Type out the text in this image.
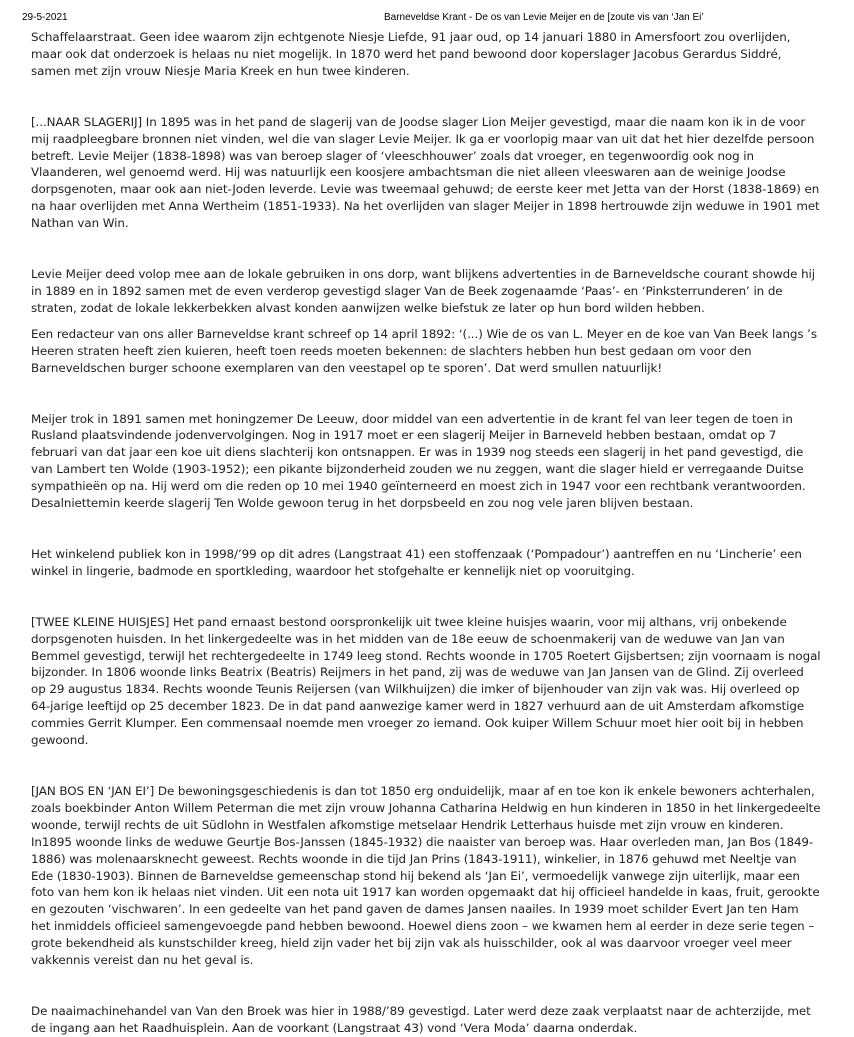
29-5-2021	Barneveldse Krant - De os van Levie Meijer en de [zoute vis van ‘Jan Ei’

Schaffelaarstraat. Geen idee waarom zijn echtgenote Niesje Liefde, 91 jaar oud, op 14 januari 1880 in Amersfoort zou overlijden, maar ook dat onderzoek is helaas nu niet mogelijk. In 1870 werd het pand bewoond door koperslager Jacobus Gerardus Siddré, samen met zijn vrouw Niesje Maria Kreek en hun twee kinderen.

[...NAAR SLAGERIJ] In 1895 was in het pand de slagerij van de Joodse slager Lion Meijer gevestigd, maar die naam kon ik in de voor mij raadpleegbare bronnen niet vinden, wel die van slager Levie Meijer. Ik ga er voorlopig maar van uit dat het hier dezelfde persoon betreft. Levie Meijer (1838-1898) was van beroep slager of ‘vleeschhouwer’ zoals dat vroeger, en tegenwoordig ook nog in Vlaanderen, wel genoemd werd. Hij was natuurlijk een koosjere ambachtsman die niet alleen vleeswaren aan de weinige Joodse dorpsgenoten, maar ook aan niet-Joden leverde. Levie was tweemaal gehuwd; de eerste keer met Jetta van der Horst (1838-1869) en na haar overlijden met Anna Wertheim (1851-1933). Na het overlijden van slager Meijer in 1898 hertrouwde zijn weduwe in 1901 met Nathan van Win.

Levie Meijer deed volop mee aan de lokale gebruiken in ons dorp, want blijkens advertenties in de Barneveldsche courant showde hij in 1889 en in 1892 samen met de even verderop gevestigd slager Van de Beek zogenaamde ‘Paas’- en ‘Pinksterrunderen’ in de straten, zodat de lokale lekkerbekken alvast konden aanwijzen welke biefstuk ze later op hun bord wilden hebben.

Een redacteur van ons aller Barneveldse krant schreef op 14 april 1892: ‘(...) Wie de os van L. Meyer en de koe van Van Beek langs ’s Heeren straten heeft zien kuieren, heeft toen reeds moeten bekennen: de slachters hebben hun best gedaan om voor den Barneveldschen burger schoone exemplaren van den veestapel op te sporen’. Dat werd smullen natuurlijk!

Meijer trok in 1891 samen met honingzemer De Leeuw, door middel van een advertentie in de krant fel van leer tegen de toen in Rusland plaatsvindende jodenvervolgingen. Nog in 1917 moet er een slagerij Meijer in Barneveld hebben bestaan, omdat op 7 februari van dat jaar een koe uit diens slachterij kon ontsnappen. Er was in 1939 nog steeds een slagerij in het pand gevestigd, die van Lambert ten Wolde (1903-1952); een pikante bijzonderheid zouden we nu zeggen, want die slager hield er verregaande Duitse sympathieën op na. Hij werd om die reden op 10 mei 1940 geïnterneerd en moest zich in 1947 voor een rechtbank verantwoorden. Desalniettemin keerde slagerij Ten Wolde gewoon terug in het dorpsbeeld en zou nog vele jaren blijven bestaan.

Het winkelend publiek kon in 1998/’99 op dit adres (Langstraat 41) een stoffenzaak (‘Pompadour’) aantreffen en nu ‘Lincherie’ een winkel in lingerie, badmode en sportkleding, waardoor het stofgehalte er kennelijk niet op vooruitging.

[TWEE KLEINE HUISJES] Het pand ernaast bestond oorspronkelijk uit twee kleine huisjes waarin, voor mij althans, vrij onbekende dorpsgenoten huisden. In het linkergedeelte was in het midden van de 18e eeuw de schoenmakerij van de weduwe van Jan van Bemmel gevestigd, terwijl het rechtergedeelte in 1749 leeg stond. Rechts woonde in 1705 Roetert Gijsbertsen; zijn voornaam is nogal bijzonder. In 1806 woonde links Beatrix (Beatris) Reijmers in het pand, zij was de weduwe van Jan Jansen van de Glind. Zij overleed op 29 augustus 1834. Rechts woonde Teunis Reijersen (van Wilkhuijzen) die imker of bijenhouder van zijn vak was. Hij overleed op 64-jarige leeftijd op 25 december 1823. De in dat pand aanwezige kamer werd in 1827 verhuurd aan de uit Amsterdam afkomstige commies Gerrit Klumper. Een commensaal noemde men vroeger zo iemand. Ook kuiper Willem Schuur moet hier ooit bij in hebben gewoond.

[JAN BOS EN ‘JAN EI’] De bewoningsgeschiedenis is dan tot 1850 erg onduidelijk, maar af en toe kon ik enkele bewoners achterhalen, zoals boekbinder Anton Willem Peterman die met zijn vrouw Johanna Catharina Heldwig en hun kinderen in 1850 in het linkergedeelte woonde, terwijl rechts de uit Südlohn in Westfalen afkomstige metselaar Hendrik Letterhaus huisde met zijn vrouw en kinderen. In1895 woonde links de weduwe Geurtje Bos-Janssen (1845-1932) die naaister van beroep was. Haar overleden man, Jan Bos (1849-1886) was molenaarsknecht geweest. Rechts woonde in die tijd Jan Prins (1843-1911), winkelier, in 1876 gehuwd met Neeltje van Ede (1830-1903). Binnen de Barneveldse gemeenschap stond hij bekend als ‘Jan Ei’, vermoedelijk vanwege zijn uiterlijk, maar een foto van hem kon ik helaas niet vinden. Uit een nota uit 1917 kan worden opgemaakt dat hij officieel handelde in kaas, fruit, gerookte en gezouten ‘vischwaren’. In een gedeelte van het pand gaven de dames Jansen naailes. In 1939 moet schilder Evert Jan ten Ham het inmiddels officieel samengevoegde pand hebben bewoond. Hoewel diens zoon – we kwamen hem al eerder in deze serie tegen – grote bekendheid als kunstschilder kreeg, hield zijn vader het bij zijn vak als huisschilder, ook al was daarvoor vroeger veel meer vakkennis vereist dan nu het geval is.

De naaimachinehandel van Van den Broek was hier in 1988/’89 gevestigd. Later werd deze zaak verplaatst naar de achterzijde, met de ingang aan het Raadhuisplein. Aan de voorkant (Langstraat 43) vond ‘Vera Moda’ daarna onderdak.
